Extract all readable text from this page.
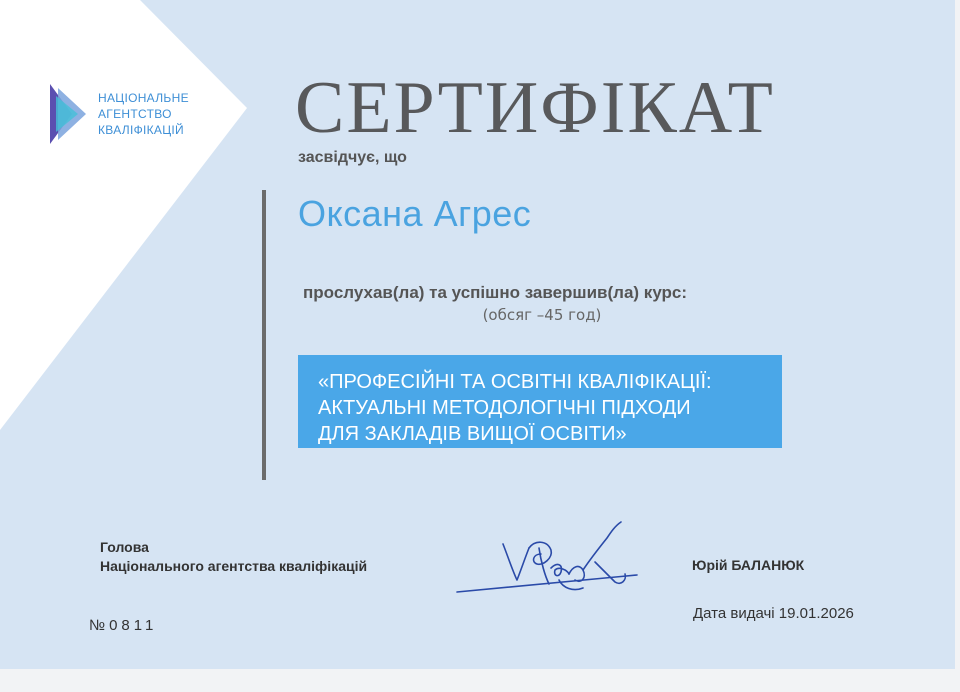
НАЦІОНАЛЬНЕ
АГЕНТСТВО
КВАЛІФІКАЦІЙ СЕРТИФІКАТ
засвідчує, що
Оксана Агрес
прослухав(ла) та успішно завершив(ла) курс:
(обсяг –45 год)
«ПРОФЕСІЙНІ ТА ОСВІТНІ КВАЛІФІКАЦІЇ:
АКТУАЛЬНІ МЕТОДОЛОГІЧНІ ПІДХОДИ
ДЛЯ ЗАКЛАДІВ ВИЩОЇ ОСВІТИ»
Голова
Національного агентства кваліфікацій	Юрій БАЛАНЮК
№0811
Дата видачі 19.01.2026
